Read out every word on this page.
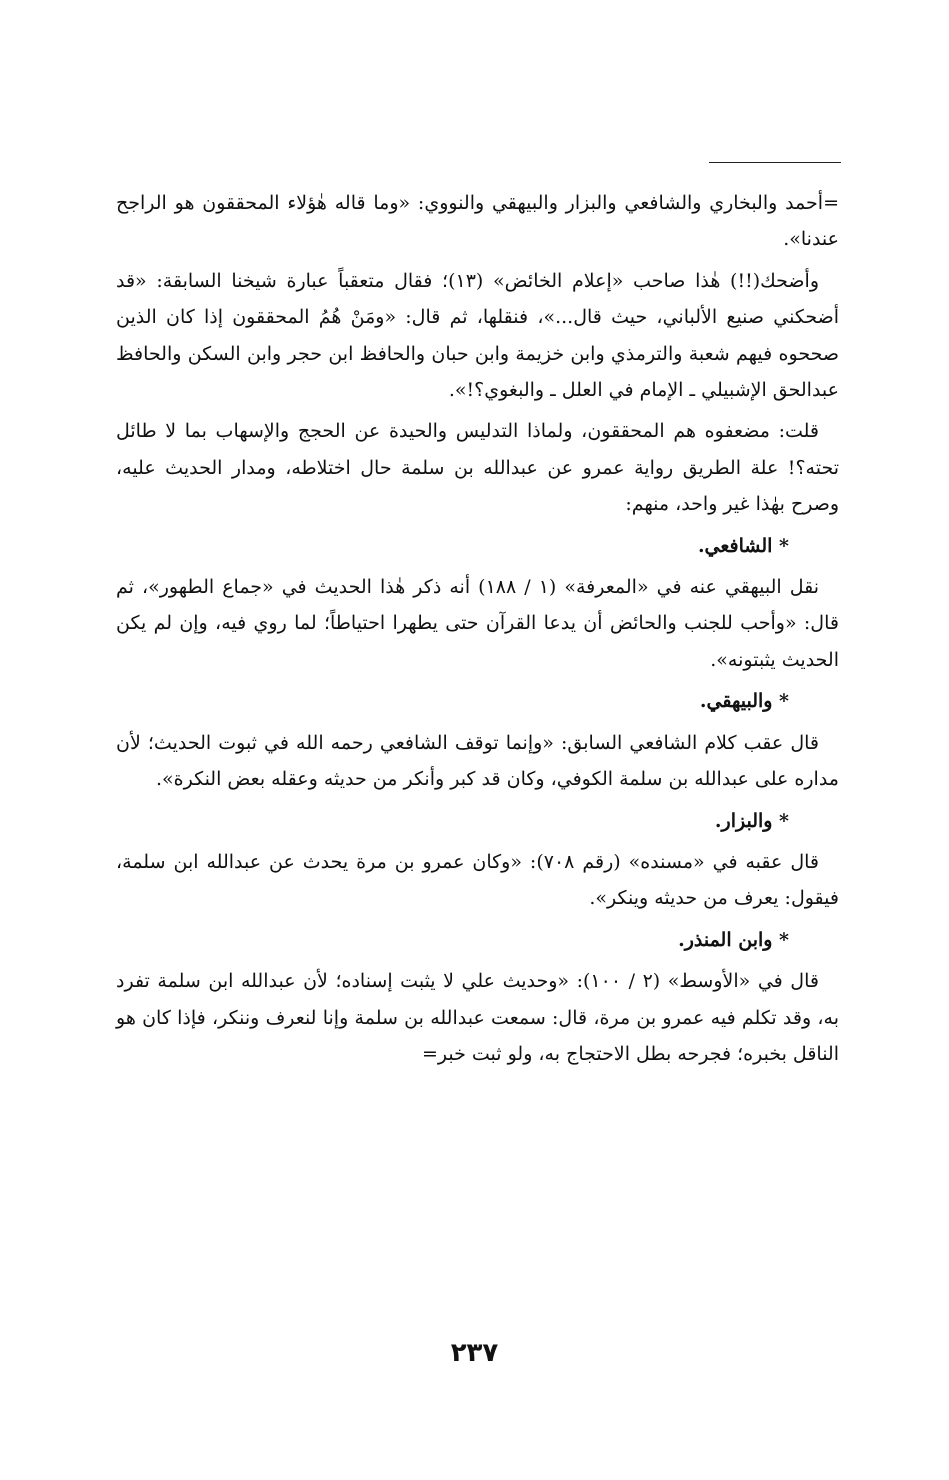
=أحمد والبخاري والشافعي والبزار والبيهقي والنووي: «وما قاله هٰؤلاء المحققون هو الراجح عندنا».

وأضحك(!!) هٰذا صاحب «إعلام الخائض» (١٣)؛ فقال متعقباً عبارة شيخنا السابقة: «قد أضحكني صنيع الألباني، حيث قال...»، فنقلها، ثم قال: «ومَنْ هُمُ المحققون إذا كان الذين صححوه فيهم شعبة والترمذي وابن خزيمة وابن حبان والحافظ ابن حجر وابن السكن والحافظ عبدالحق الإشبيلي ـ الإمام في العلل ـ والبغوي؟!».

قلت: مضعفوه هم المحققون، ولماذا التدليس والحيدة عن الحجج والإسهاب بما لا طائل تحته؟! علة الطريق رواية عمرو عن عبدالله بن سلمة حال اختلاطه، ومدار الحديث عليه، وصرح بهٰذا غير واحد، منهم:

* الشافعي.

نقل البيهقي عنه في «المعرفة» (١ / ١٨٨) أنه ذكر هٰذا الحديث في «جماع الطهور»، ثم قال: «وأحب للجنب والحائض أن يدعا القرآن حتى يطهرا احتياطاً؛ لما روي فيه، وإن لم يكن الحديث يثبتونه».

* والبيهقي.

قال عقب كلام الشافعي السابق: «وإنما توقف الشافعي رحمه الله في ثبوت الحديث؛ لأن مداره على عبدالله بن سلمة الكوفي، وكان قد كبر وأنكر من حديثه وعقله بعض النكرة».

* والبزار.

قال عقبه في «مسنده» (رقم ٧٠٨): «وكان عمرو بن مرة يحدث عن عبدالله ابن سلمة، فيقول: يعرف من حديثه وينكر».

* وابن المنذر.

قال في «الأوسط» (٢ / ١٠٠): «وحديث علي لا يثبت إسناده؛ لأن عبدالله ابن سلمة تفرد به، وقد تكلم فيه عمرو بن مرة، قال: سمعت عبدالله بن سلمة وإنا لنعرف وننكر، فإذا كان هو الناقل بخبره؛ فجرحه بطل الاحتجاج به، ولو ثبت خبر=

٢٣٧
